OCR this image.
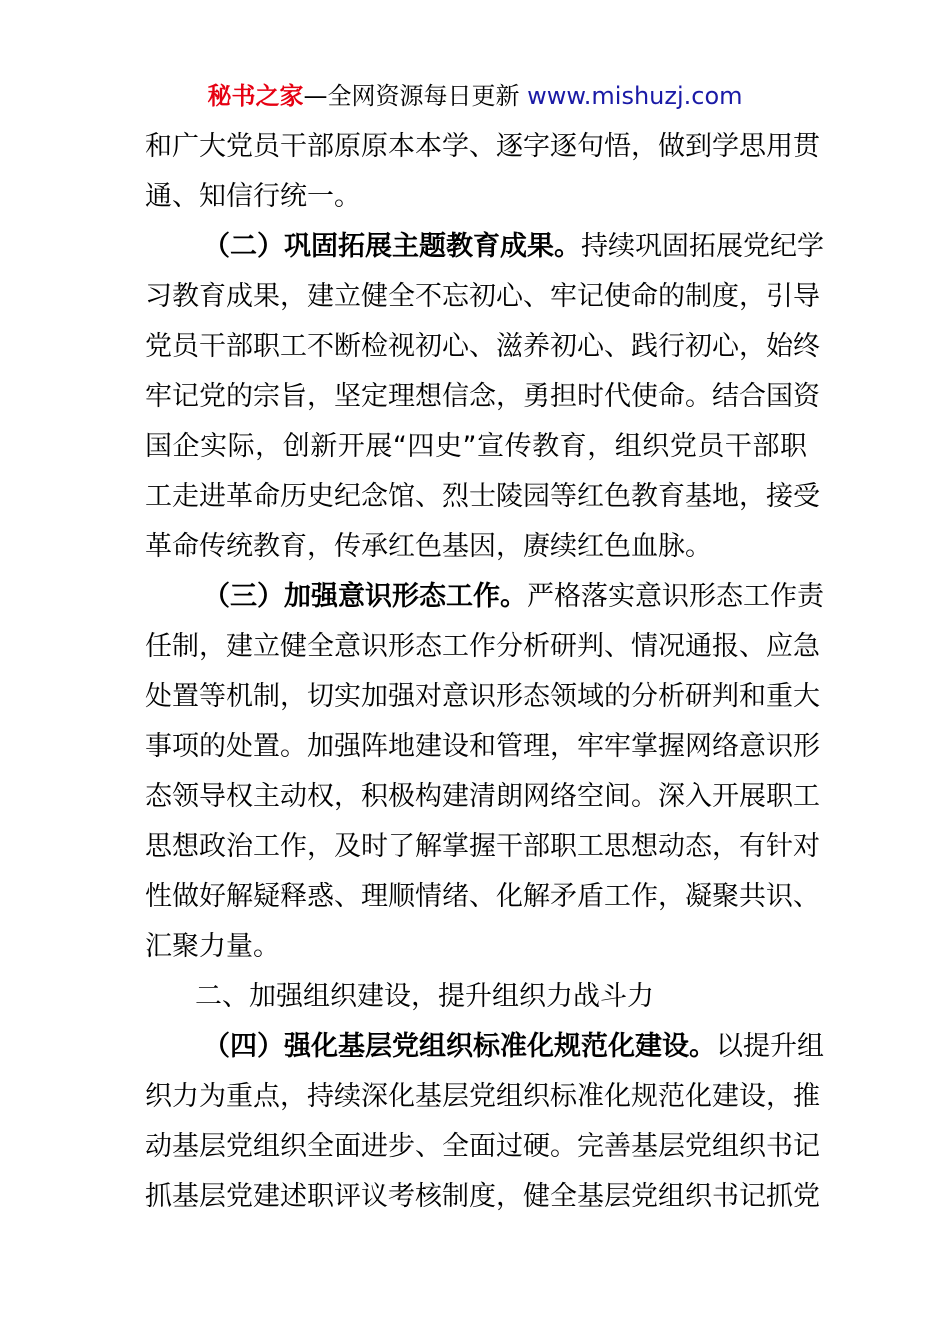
秘书之家—全网资源每日更新 www.mishuzj.com
和广大党员干部原原本本学、逐字逐句悟，做到学思用贯
通、知信行统一。
（二）巩固拓展主题教育成果。持续巩固拓展党纪学
习教育成果，建立健全不忘初心、牢记使命的制度，引导
党员干部职工不断检视初心、滋养初心、践行初心，始终
牢记党的宗旨，坚定理想信念，勇担时代使命。结合国资
国企实际，创新开展“四史”宣传教育，组织党员干部职
工走进革命历史纪念馆、烈士陵园等红色教育基地，接受
革命传统教育，传承红色基因，赓续红色血脉。
（三）加强意识形态工作。严格落实意识形态工作责
任制，建立健全意识形态工作分析研判、情况通报、应急
处置等机制，切实加强对意识形态领域的分析研判和重大
事项的处置。加强阵地建设和管理，牢牢掌握网络意识形
态领导权主动权，积极构建清朗网络空间。深入开展职工
思想政治工作，及时了解掌握干部职工思想动态，有针对
性做好解疑释惑、理顺情绪、化解矛盾工作，凝聚共识、
汇聚力量。
二、加强组织建设，提升组织力战斗力
（四）强化基层党组织标准化规范化建设。以提升组
织力为重点，持续深化基层党组织标准化规范化建设，推
动基层党组织全面进步、全面过硬。完善基层党组织书记
抓基层党建述职评议考核制度，健全基层党组织书记抓党
